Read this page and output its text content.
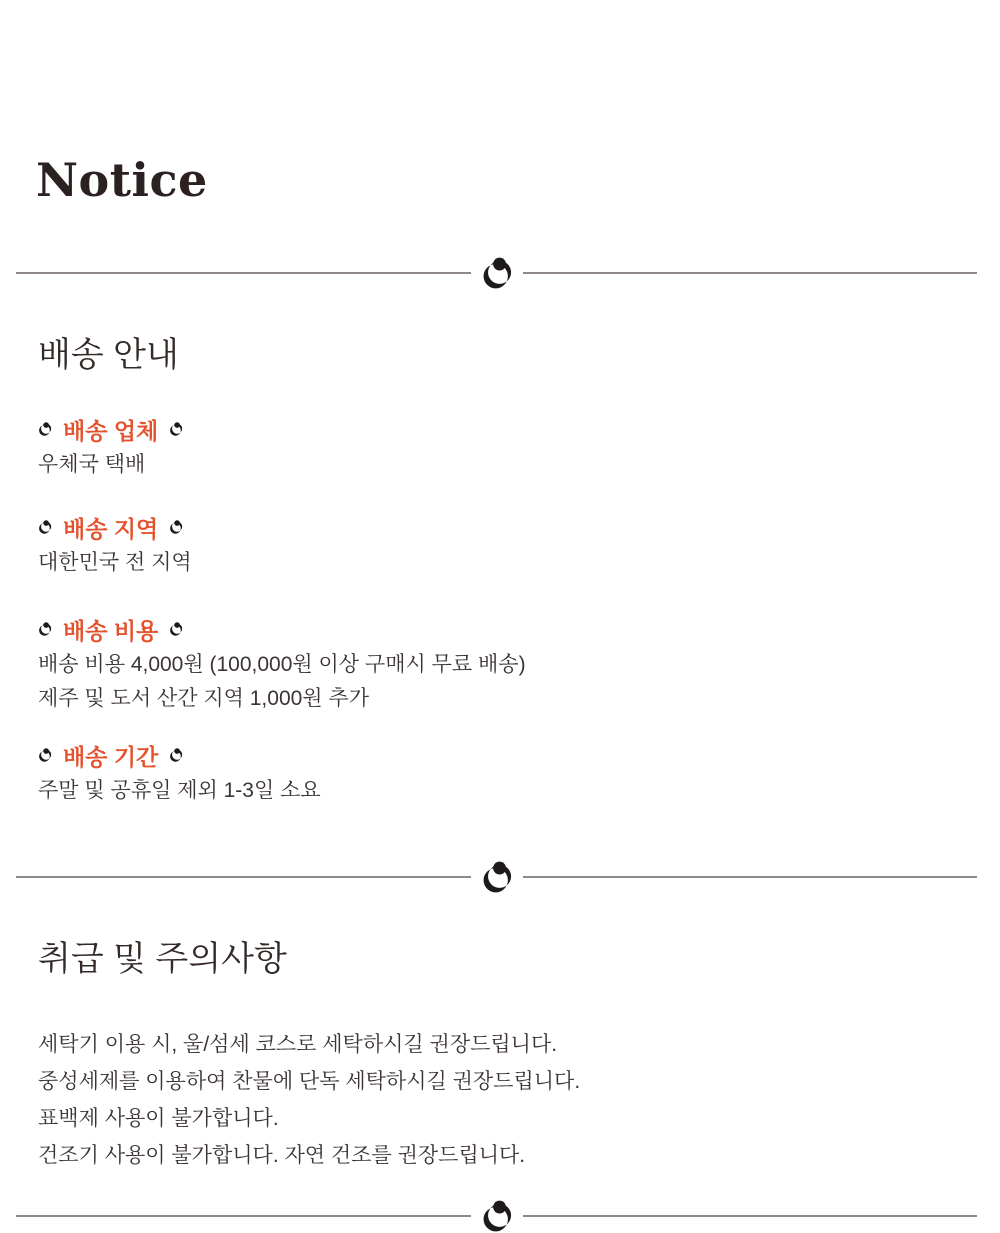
Notice
배송 안내
배송 업체
우체국 택배
배송 지역
대한민국 전 지역
배송 비용
배송 비용 4,000원 (100,000원 이상 구매시 무료 배송)
제주 및 도서 산간 지역 1,000원 추가
배송 기간
주말 및 공휴일 제외 1-3일 소요
취급 및 주의사항
세탁기 이용 시, 울/섬세 코스로 세탁하시길 권장드립니다.
중성세제를 이용하여 찬물에 단독 세탁하시길 권장드립니다.
표백제 사용이 불가합니다.
건조기 사용이 불가합니다. 자연 건조를 권장드립니다.
